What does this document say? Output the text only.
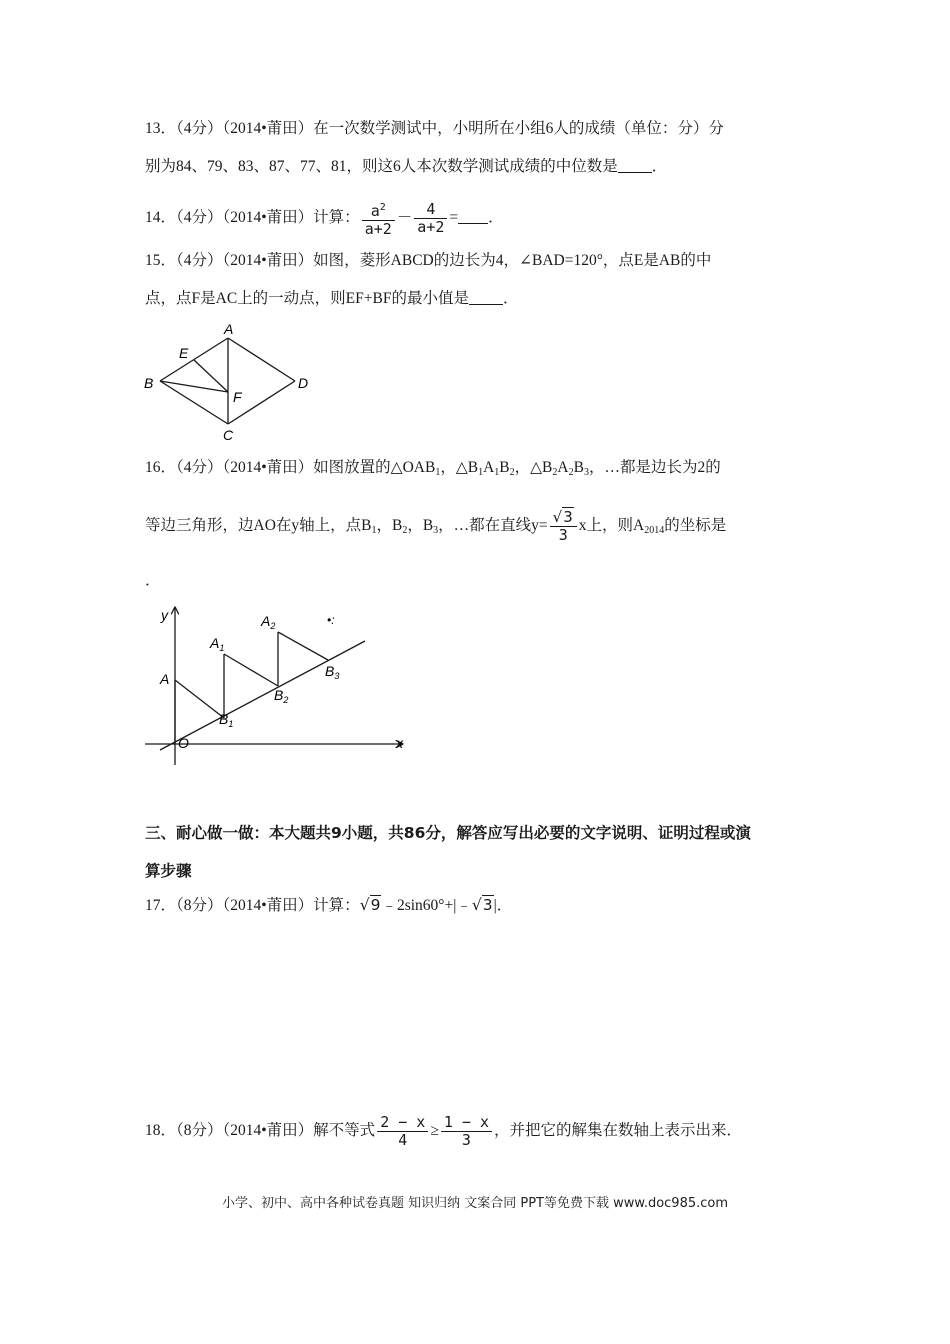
13．（4分）（2014•莆田）在一次数学测试中，小明所在小组6人的成绩（单位：分）分
别为84、79、83、87、77、81，则这6人本次数学测试成绩的中位数是 ．
14．（4分）（2014•莆田）计算： $\frac{a^2}{a+2} - \frac{4}{a+2}$ = ．
15．（4分）（2014•莆田）如图，菱形ABCD的边长为4，∠BAD=120°，点E是AB的中
点，点F是AC上的一动点，则EF+BF的最小值是 ．
A
B
C
D
E
F
16．（4分）（2014•莆田）如图放置的$\triangle OAB_1$，$\triangle B_1A_1B_2$，$\triangle B_2A_2B_3$，…都是边长为2的
等边三角形，边AO在y轴上，点$B_1$，$B_2$，$B_3$，…都在直线$y= \frac{√3}{3}$ x上，则$A_{2014}$的坐标是
．
y
x
O
A
$A_1$
$A_2$
$B_1$
$B_2$
$B_3$
•:
三、耐心做一做：本大题共9小题，共86分，解答应写出必要的文字说明、证明过程或演
算步骤
17．（8分）（2014•莆田）计算：√9﹣2sin60°+|﹣√3|．
18．（8分）（2014•莆田）解不等式 $\frac{2 - x}{4} \ge \frac{1 - x}{3}$ ，并把它的解集在数轴上表示出来．
小学、初中、高中各种试卷真题 知识归纳 文案合同 PPT等免费下载 www.doc985.com
